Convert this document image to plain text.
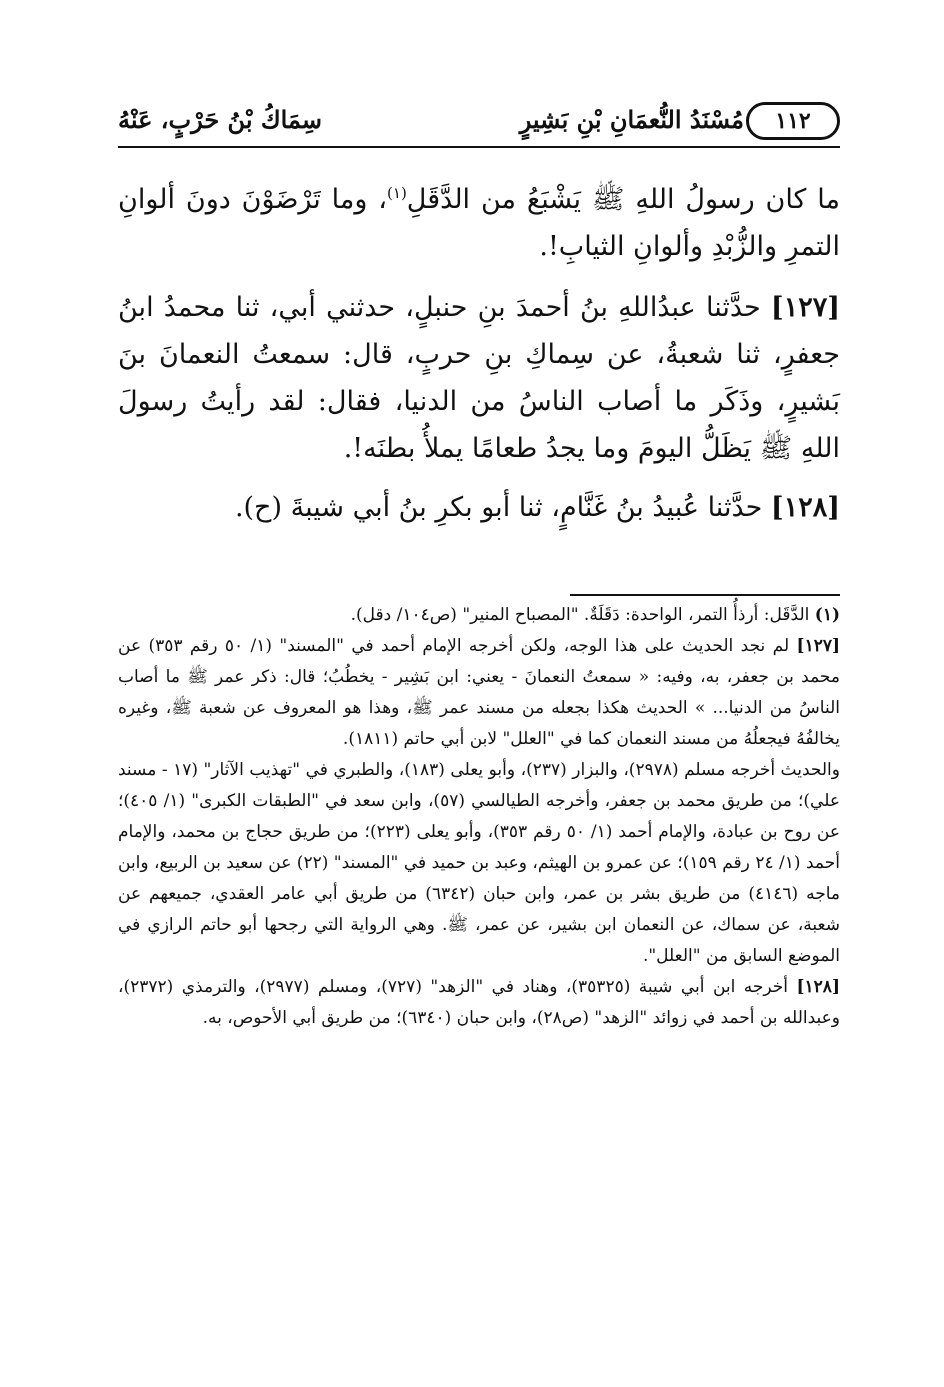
١١٢
مُسْنَدُ النُّعمَانِ بْنِ بَشِيرٍ
سِمَاكُ بْنُ حَرْبٍ، عَنْهُ

ما كان رسولُ اللهِ ﷺ يَشْبَعُ من الدَّقَلِ$^{(١)}$، وما تَرْضَوْنَ دونَ ألوانِ التمرِ والزُّبْدِ وألوانِ الثيابِ!.

[١٢٧] حدَّثنا عبدُاللهِ بنُ أحمدَ بنِ حنبلٍ، حدثني أبي، ثنا محمدُ ابنُ جعفرٍ، ثنا شعبةُ، عن سِماكِ بنِ حربٍ، قال: سمعتُ النعمانَ بنَ بَشيرٍ، وذَكَر ما أصاب الناسُ من الدنيا، فقال: لقد رأيتُ رسولَ اللهِ ﷺ يَظَلُّ اليومَ وما يجدُ طعامًا يملأُ بطنَه!.

[١٢٨] حدَّثنا عُبيدُ بنُ غَنَّامٍ، ثنا أبو بكرِ بنُ أبي شيبةَ (ح).

(١) الدَّقَل: أرذأُ التمر، الواحدة: دَقَلَةٌ. "المصباح المنير" (ص١٠٤/ دقل).

[١٢٧] لم نجد الحديث على هذا الوجه، ولكن أخرجه الإمام أحمد في "المسند" (١/ ٥٠ رقم ٣٥٣) عن محمد بن جعفر، به، وفيه: « سمعتُ النعمانَ - يعني: ابن بَشِير - يخطُبُ؛ قال: ذكر عمر ﷺ ما أصاب الناسُ من الدنيا... » الحديث هكذا بجعله من مسند عمر ﷺ، وهذا هو المعروف عن شعبة ﷺ، وغيره يخالفُهُ فيجعلُهُ من مسند النعمان كما في "العلل" لابن أبي حاتم (١٨١١).

والحديث أخرجه مسلم (٢٩٧٨)، والبزار (٢٣٧)، وأبو يعلى (١٨٣)، والطبري في "تهذيب الآثار" (١٧ - مسند علي)؛ من طريق محمد بن جعفر، وأخرجه الطيالسي (٥٧)، وابن سعد في "الطبقات الكبرى" (١/ ٤٠٥)؛ عن روح بن عبادة، والإمام أحمد (١/ ٥٠ رقم ٣٥٣)، وأبو يعلى (٢٢٣)؛ من طريق حجاج بن محمد، والإمام أحمد (١/ ٢٤ رقم ١٥٩)؛ عن عمرو بن الهيثم، وعبد بن حميد في "المسند" (٢٢) عن سعيد بن الربيع، وابن ماجه (٤١٤٦) من طريق بشر بن عمر، وابن حبان (٦٣٤٢) من طريق أبي عامر العقدي، جميعهم عن شعبة، عن سماك، عن النعمان ابن بشير، عن عمر، ﷺ. وهي الرواية التي رجحها أبو حاتم الرازي في الموضع السابق من "العلل".

[١٢٨] أخرجه ابن أبي شيبة (٣٥٣٢٥)، وهناد في "الزهد" (٧٢٧)، ومسلم (٢٩٧٧)، والترمذي (٢٣٧٢)، وعبدالله بن أحمد في زوائد "الزهد" (ص٢٨)، وابن حبان (٦٣٤٠)؛ من طريق أبي الأحوص، به.
